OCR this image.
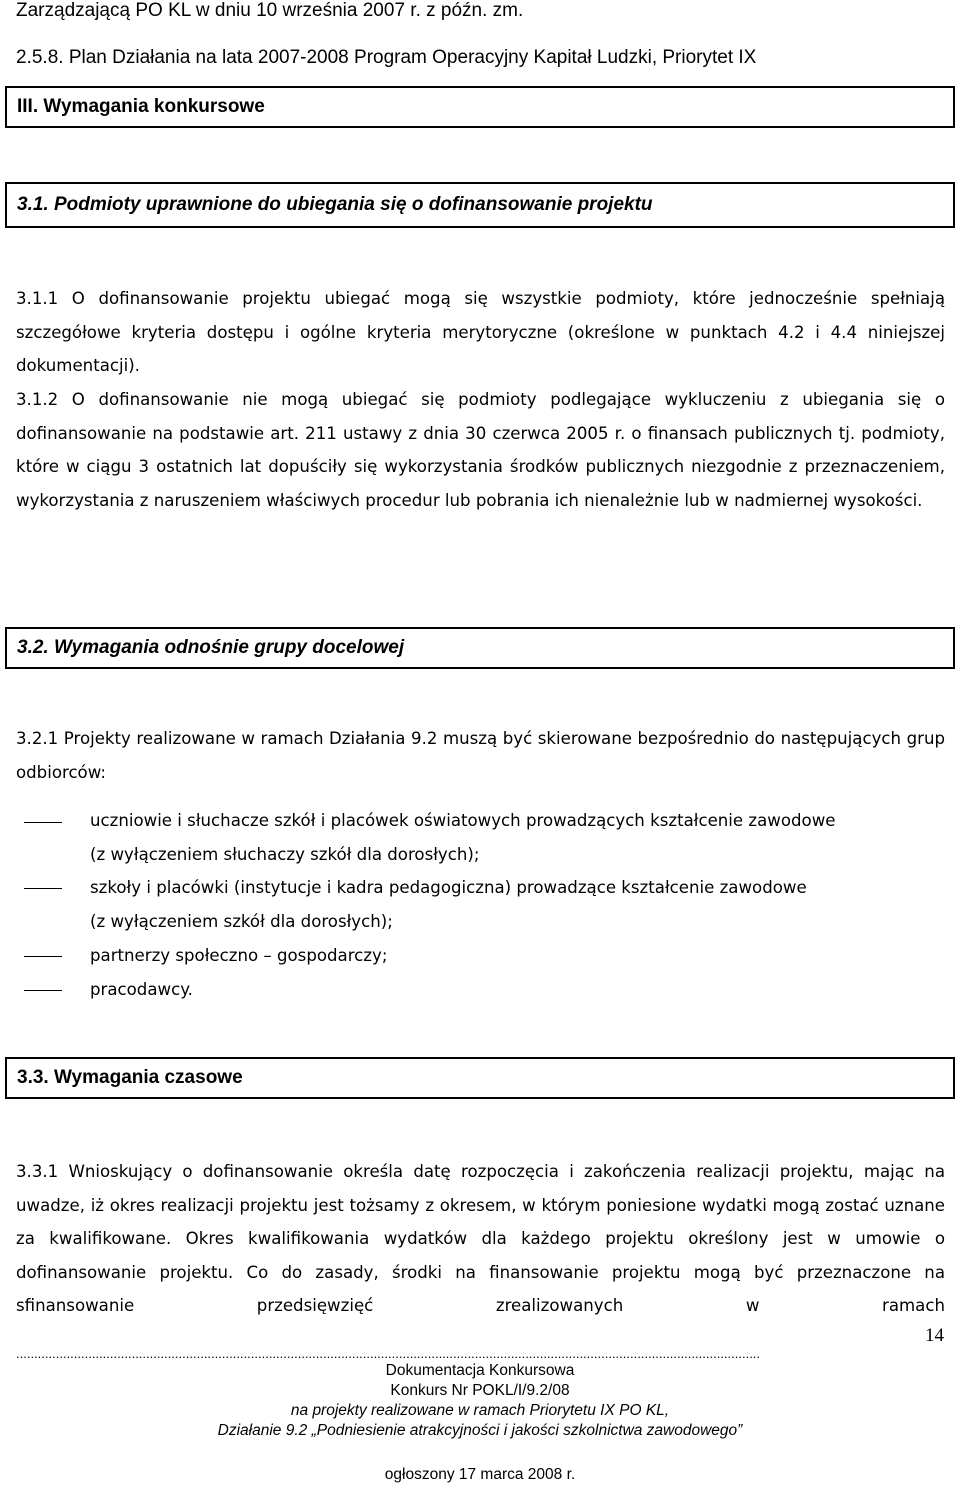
Zarządzającą PO KL w dniu 10 września 2007 r. z późn. zm.
2.5.8. Plan Działania na lata 2007-2008 Program Operacyjny Kapitał Ludzki, Priorytet IX
III. Wymagania konkursowe
3.1. Podmioty uprawnione do ubiegania się o dofinansowanie projektu
3.1.1 O dofinansowanie projektu ubiegać mogą się wszystkie podmioty, które jednocześnie spełniają szczegółowe kryteria dostępu i ogólne kryteria merytoryczne (określone w punktach 4.2 i 4.4 niniejszej dokumentacji).
3.1.2 O dofinansowanie nie mogą ubiegać się podmioty podlegające wykluczeniu z ubiegania się o dofinansowanie na podstawie art. 211 ustawy z dnia 30 czerwca 2005 r. o finansach publicznych tj. podmioty, które w ciągu 3 ostatnich lat dopuściły się wykorzystania środków publicznych niezgodnie z przeznaczeniem, wykorzystania z naruszeniem właściwych procedur lub pobrania ich nienależnie lub w nadmiernej wysokości.
3.2. Wymagania odnośnie grupy docelowej
3.2.1 Projekty realizowane w ramach Działania 9.2 muszą być skierowane bezpośrednio do następujących grup odbiorców:
uczniowie i słuchacze szkół i placówek oświatowych prowadzących kształcenie zawodowe
(z wyłączeniem słuchaczy szkół dla dorosłych);
szkoły i placówki (instytucje i kadra pedagogiczna) prowadzące kształcenie zawodowe
(z wyłączeniem szkół dla dorosłych);
partnerzy społeczno – gospodarczy;
pracodawcy.
3.3. Wymagania czasowe
3.3.1 Wnioskujący o dofinansowanie określa datę rozpoczęcia i zakończenia realizacji projektu, mając na uwadze, iż okres realizacji projektu jest tożsamy z okresem, w którym poniesione wydatki mogą zostać uznane za kwalifikowane. Okres kwalifikowania wydatków dla każdego projektu określony jest w umowie o dofinansowanie projektu. Co do zasady, środki na finansowanie projektu mogą być przeznaczone na sfinansowanie przedsięwzięć zrealizowanych w ramach
14
..............................................................................................................................................................................................................
Dokumentacja Konkursowa
Konkurs Nr POKL/I/9.2/08
na projekty realizowane w ramach Priorytetu IX PO KL,
Działanie 9.2 „Podniesienie atrakcyjności i jakości szkolnictwa zawodowego”
ogłoszony 17 marca 2008 r.
